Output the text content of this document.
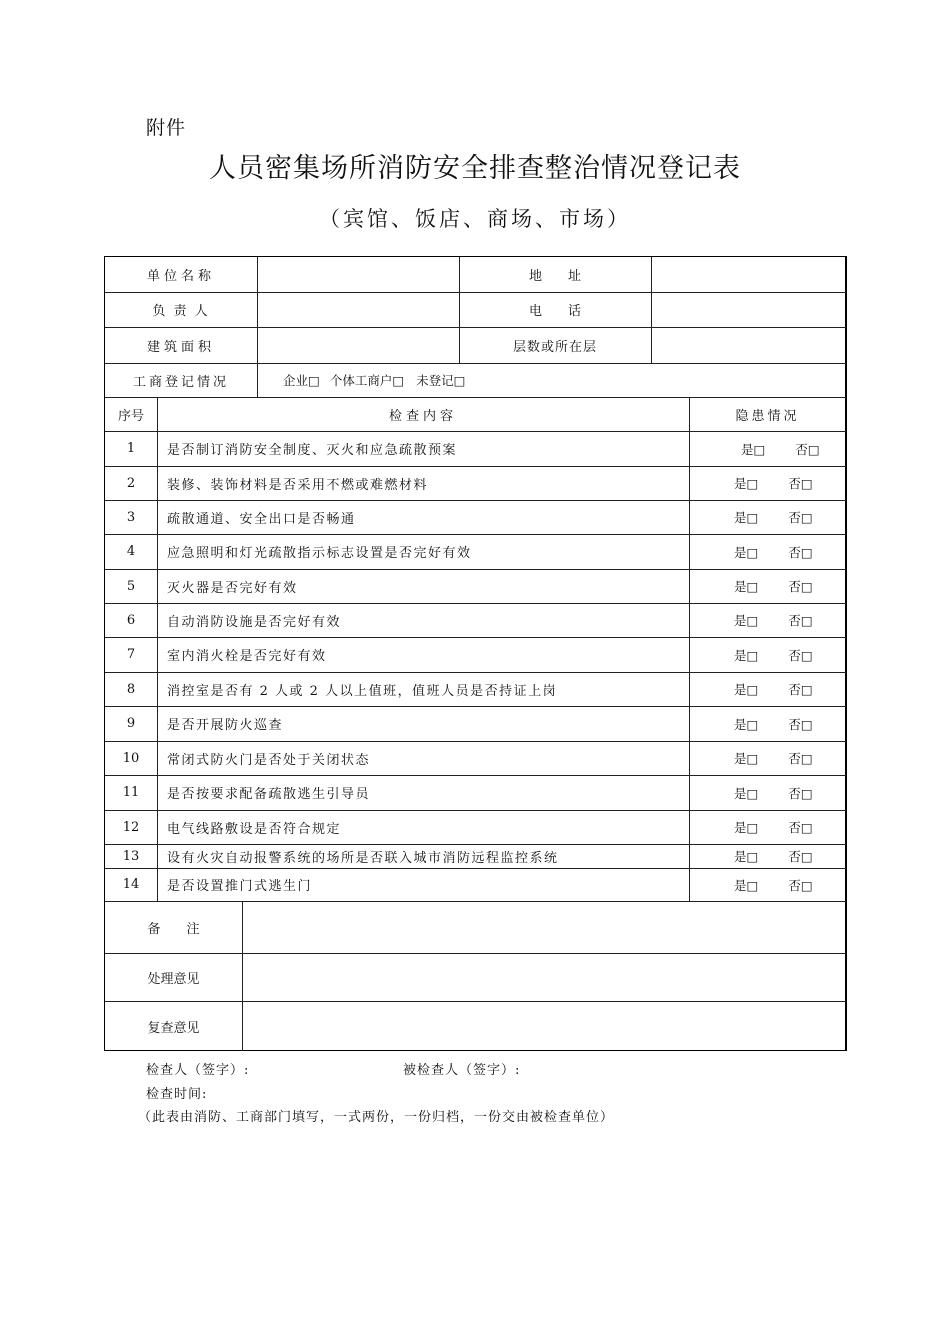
附件
人员密集场所消防安全排查整治情况登记表
（宾馆、饭店、商场、市场）
单位名称	地　　址
负 责 人	电　　话
建筑面积	层数或所在层
工商登记情况	企业□ 个体工商户□ 未登记□
序号	检查内容	隐患情况
1	是否制订消防安全制度、灭火和应急疏散预案	是□ 否□
2	装修、装饰材料是否采用不燃或难燃材料	是□ 否□
3	疏散通道、安全出口是否畅通	是□ 否□
4	应急照明和灯光疏散指示标志设置是否完好有效	是□ 否□
5	灭火器是否完好有效	是□ 否□
6	自动消防设施是否完好有效	是□ 否□
7	室内消火栓是否完好有效	是□ 否□
8	消控室是否有 2 人或 2 人以上值班，值班人员是否持证上岗	是□ 否□
9	是否开展防火巡查	是□ 否□
10	常闭式防火门是否处于关闭状态	是□ 否□
11	是否按要求配备疏散逃生引导员	是□ 否□
12	电气线路敷设是否符合规定	是□ 否□
13	设有火灾自动报警系统的场所是否联入城市消防远程监控系统	是□ 否□
14	是否设置推门式逃生门	是□ 否□
备　　注
处理意见
复查意见
检查人（签字）:	被检查人（签字）:
检查时间:
（此表由消防、工商部门填写，一式两份，一份归档，一份交由被检查单位）
